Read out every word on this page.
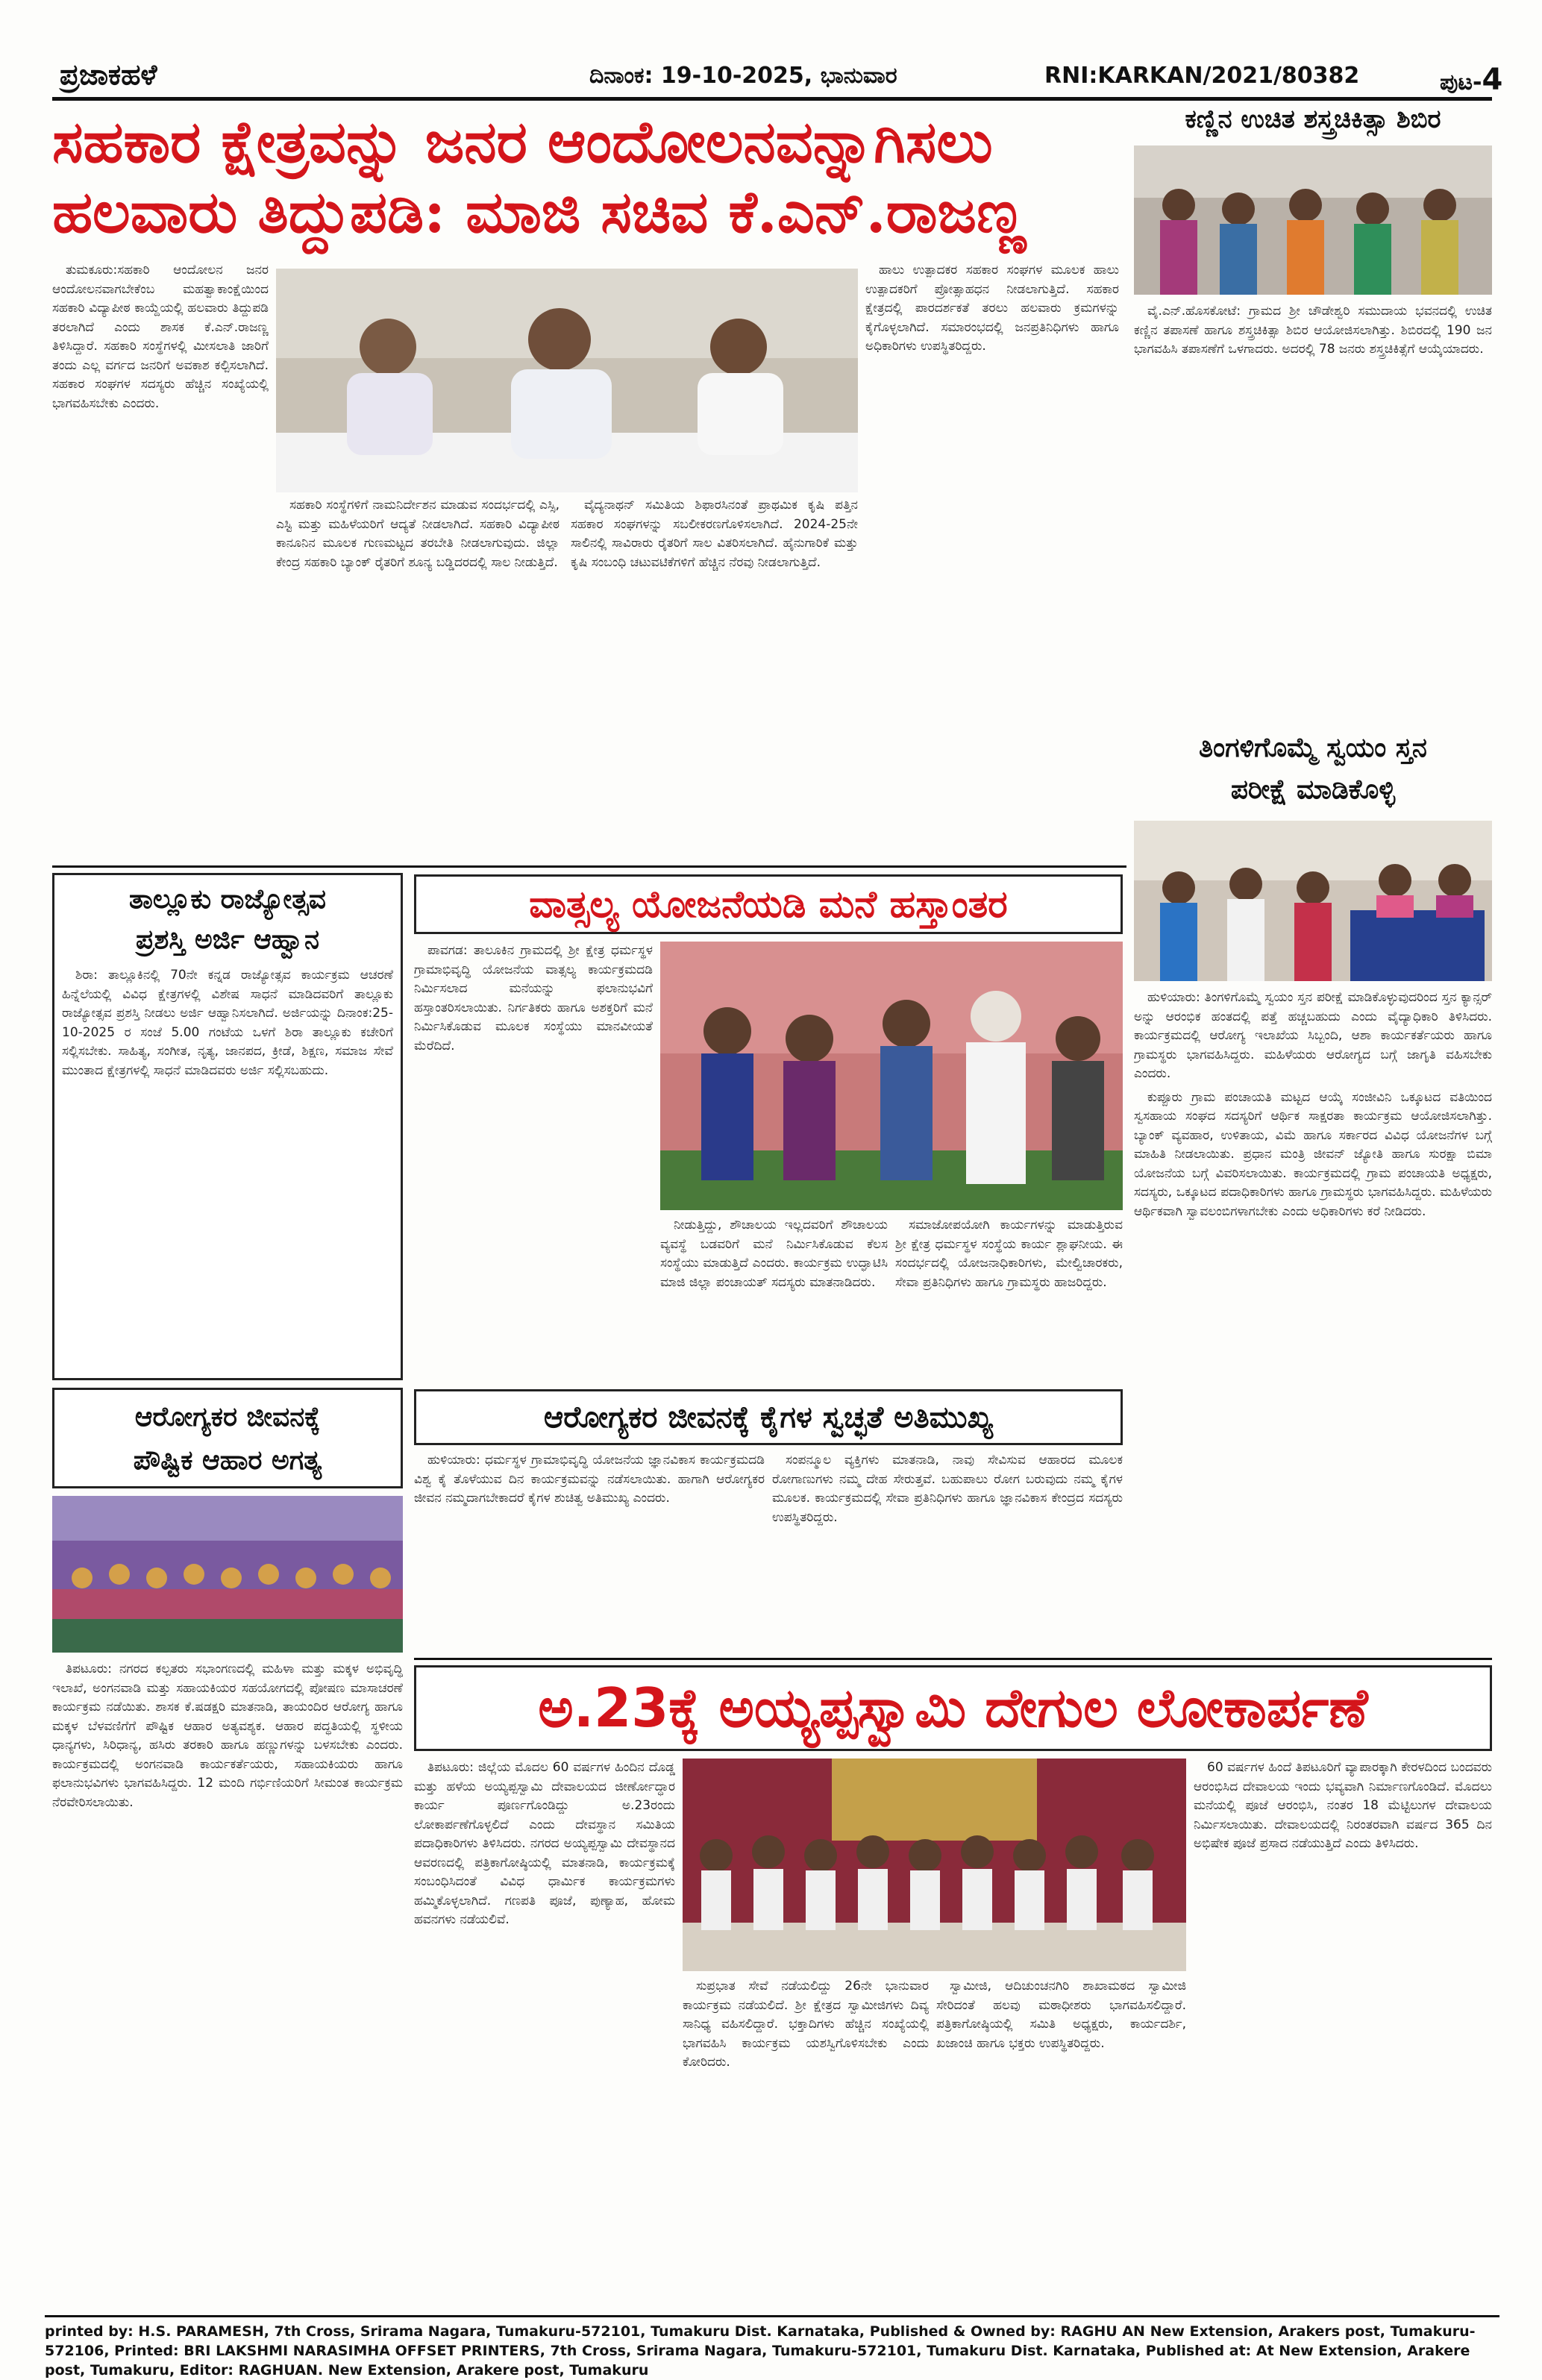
ಪ್ರಜಾಕಹಳೆ	ದಿನಾಂಕ: 19-10-2025, ಭಾನುವಾರ	RNI:KARKAN/2021/80382	ಪುಟ-4
ಸಹಕಾರ ಕ್ಷೇತ್ರವನ್ನು ಜನರ ಆಂದೋಲನವನ್ನಾಗಿಸಲು
ಹಲವಾರು ತಿದ್ದುಪಡಿ: ಮಾಜಿ ಸಚಿವ ಕೆ.ಎನ್.ರಾಜಣ್ಣ

ತುಮಕೂರು:ಸಹಕಾರಿ ಆಂದೋಲನ ಜನರ ಆಂದೋಲನವಾಗಬೇಕೆಂಬ ಮಹತ್ವಾಕಾಂಕ್ಷೆಯಿಂದ ಸಹಕಾರಿ ವಿದ್ಯಾಪೀಠ ಕಾಯ್ದೆಯಲ್ಲಿ ಹಲವಾರು ತಿದ್ದುಪಡಿ ತರಲಾಗಿದೆ ಎಂದು ಶಾಸಕ ಕೆ.ಎನ್.ರಾಜಣ್ಣ ತಿಳಿಸಿದ್ದಾರೆ. ಸಹಕಾರಿ ಸಂಸ್ಥೆಗಳಲ್ಲಿ ಮೀಸಲಾತಿ ಜಾರಿಗೆ ತಂದು ಎಲ್ಲ ವರ್ಗದ ಜನರಿಗೆ ಅವಕಾಶ ಕಲ್ಪಿಸಲಾಗಿದೆ. ಸಹಕಾರ ಸಂಘಗಳ ಸದಸ್ಯರು ಹೆಚ್ಚಿನ ಸಂಖ್ಯೆಯಲ್ಲಿ ಭಾಗವಹಿಸಬೇಕು ಎಂದರು.

ಸಹಕಾರಿ ಸಂಸ್ಥೆಗಳಿಗೆ ನಾಮನಿರ್ದೇಶನ ಮಾಡುವ ಸಂದರ್ಭದಲ್ಲಿ ಎಸ್ಸಿ, ಎಸ್ಟಿ ಮತ್ತು ಮಹಿಳೆಯರಿಗೆ ಆದ್ಯತೆ ನೀಡಲಾಗಿದೆ. ಸಹಕಾರಿ ವಿದ್ಯಾಪೀಠ ಕಾನೂನಿನ ಮೂಲಕ ಗುಣಮಟ್ಟದ ತರಬೇತಿ ನೀಡಲಾಗುವುದು. ಜಿಲ್ಲಾ ಕೇಂದ್ರ ಸಹಕಾರಿ ಬ್ಯಾಂಕ್ ರೈತರಿಗೆ ಶೂನ್ಯ ಬಡ್ಡಿದರದಲ್ಲಿ ಸಾಲ ನೀಡುತ್ತಿದೆ.

ವೈದ್ಯನಾಥನ್ ಸಮಿತಿಯ ಶಿಫಾರಸಿನಂತೆ ಪ್ರಾಥಮಿಕ ಕೃಷಿ ಪತ್ತಿನ ಸಹಕಾರ ಸಂಘಗಳನ್ನು ಸಬಲೀಕರಣಗೊಳಿಸಲಾಗಿದೆ. 2024-25ನೇ ಸಾಲಿನಲ್ಲಿ ಸಾವಿರಾರು ರೈತರಿಗೆ ಸಾಲ ವಿತರಿಸಲಾಗಿದೆ. ಹೈನುಗಾರಿಕೆ ಮತ್ತು ಕೃಷಿ ಸಂಬಂಧಿ ಚಟುವಟಿಕೆಗಳಿಗೆ ಹೆಚ್ಚಿನ ನೆರವು ನೀಡಲಾಗುತ್ತಿದೆ.

ಹಾಲು ಉತ್ಪಾದಕರ ಸಹಕಾರ ಸಂಘಗಳ ಮೂಲಕ ಹಾಲು ಉತ್ಪಾದಕರಿಗೆ ಪ್ರೋತ್ಸಾಹಧನ ನೀಡಲಾಗುತ್ತಿದೆ. ಸಹಕಾರ ಕ್ಷೇತ್ರದಲ್ಲಿ ಪಾರದರ್ಶಕತೆ ತರಲು ಹಲವಾರು ಕ್ರಮಗಳನ್ನು ಕೈಗೊಳ್ಳಲಾಗಿದೆ. ಸಮಾರಂಭದಲ್ಲಿ ಜನಪ್ರತಿನಿಧಿಗಳು ಹಾಗೂ ಅಧಿಕಾರಿಗಳು ಉಪಸ್ಥಿತರಿದ್ದರು.

ಕಣ್ಣಿನ ಉಚಿತ ಶಸ್ತ್ರಚಿಕಿತ್ಸಾ ಶಿಬಿರ

ವೈ.ಎನ್.ಹೊಸಕೋಟೆ: ಗ್ರಾಮದ ಶ್ರೀ ಚೌಡೇಶ್ವರಿ ಸಮುದಾಯ ಭವನದಲ್ಲಿ ಉಚಿತ ಕಣ್ಣಿನ ತಪಾಸಣೆ ಹಾಗೂ ಶಸ್ತ್ರಚಿಕಿತ್ಸಾ ಶಿಬಿರ ಆಯೋಜಿಸಲಾಗಿತ್ತು. ಶಿಬಿರದಲ್ಲಿ 190 ಜನ ಭಾಗವಹಿಸಿ ತಪಾಸಣೆಗೆ ಒಳಗಾದರು. ಅದರಲ್ಲಿ 78 ಜನರು ಶಸ್ತ್ರಚಿಕಿತ್ಸೆಗೆ ಆಯ್ಕೆಯಾದರು.

ತಿಂಗಳಿಗೊಮ್ಮೆ ಸ್ವಯಂ ಸ್ತನ
ಪರೀಕ್ಷೆ ಮಾಡಿಕೊಳ್ಳಿ

ಹುಳಿಯಾರು: ತಿಂಗಳಿಗೊಮ್ಮೆ ಸ್ವಯಂ ಸ್ತನ ಪರೀಕ್ಷೆ ಮಾಡಿಕೊಳ್ಳುವುದರಿಂದ ಸ್ತನ ಕ್ಯಾನ್ಸರ್ ಅನ್ನು ಆರಂಭಿಕ ಹಂತದಲ್ಲಿ ಪತ್ತೆ ಹಚ್ಚಬಹುದು ಎಂದು ವೈದ್ಯಾಧಿಕಾರಿ ತಿಳಿಸಿದರು. ಕಾರ್ಯಕ್ರಮದಲ್ಲಿ ಆರೋಗ್ಯ ಇಲಾಖೆಯ ಸಿಬ್ಬಂದಿ, ಆಶಾ ಕಾರ್ಯಕರ್ತೆಯರು ಹಾಗೂ ಗ್ರಾಮಸ್ಥರು ಭಾಗವಹಿಸಿದ್ದರು. ಮಹಿಳೆಯರು ಆರೋಗ್ಯದ ಬಗ್ಗೆ ಜಾಗೃತಿ ವಹಿಸಬೇಕು ಎಂದರು.

ಕುಪ್ಪೂರು ಗ್ರಾಮ ಪಂಚಾಯತಿ ಮಟ್ಟದ ಆಯ್ಕೆ ಸಂಜೀವಿನಿ ಒಕ್ಕೂಟದ ವತಿಯಿಂದ ಸ್ವಸಹಾಯ ಸಂಘದ ಸದಸ್ಯರಿಗೆ ಆರ್ಥಿಕ ಸಾಕ್ಷರತಾ ಕಾರ್ಯಕ್ರಮ ಆಯೋಜಿಸಲಾಗಿತ್ತು. ಬ್ಯಾಂಕ್ ವ್ಯವಹಾರ, ಉಳಿತಾಯ, ವಿಮೆ ಹಾಗೂ ಸರ್ಕಾರದ ವಿವಿಧ ಯೋಜನೆಗಳ ಬಗ್ಗೆ ಮಾಹಿತಿ ನೀಡಲಾಯಿತು. ಪ್ರಧಾನ ಮಂತ್ರಿ ಜೀವನ್ ಜ್ಯೋತಿ ಹಾಗೂ ಸುರಕ್ಷಾ ಬಿಮಾ ಯೋಜನೆಯ ಬಗ್ಗೆ ವಿವರಿಸಲಾಯಿತು. ಕಾರ್ಯಕ್ರಮದಲ್ಲಿ ಗ್ರಾಮ ಪಂಚಾಯತಿ ಅಧ್ಯಕ್ಷರು, ಸದಸ್ಯರು, ಒಕ್ಕೂಟದ ಪದಾಧಿಕಾರಿಗಳು ಹಾಗೂ ಗ್ರಾಮಸ್ಥರು ಭಾಗವಹಿಸಿದ್ದರು. ಮಹಿಳೆಯರು ಆರ್ಥಿಕವಾಗಿ ಸ್ವಾವಲಂಬಿಗಳಾಗಬೇಕು ಎಂದು ಅಧಿಕಾರಿಗಳು ಕರೆ ನೀಡಿದರು.

ತಾಲ್ಲೂಕು ರಾಜ್ಯೋತ್ಸವ
ಪ್ರಶಸ್ತಿ ಅರ್ಜಿ ಆಹ್ವಾನ

ಶಿರಾ: ತಾಲ್ಲೂಕಿನಲ್ಲಿ 70ನೇ ಕನ್ನಡ ರಾಜ್ಯೋತ್ಸವ ಕಾರ್ಯಕ್ರಮ ಆಚರಣೆ ಹಿನ್ನೆಲೆಯಲ್ಲಿ ವಿವಿಧ ಕ್ಷೇತ್ರಗಳಲ್ಲಿ ವಿಶೇಷ ಸಾಧನೆ ಮಾಡಿದವರಿಗೆ ತಾಲ್ಲೂಕು ರಾಜ್ಯೋತ್ಸವ ಪ್ರಶಸ್ತಿ ನೀಡಲು ಅರ್ಜಿ ಆಹ್ವಾನಿಸಲಾಗಿದೆ. ಅರ್ಜಿಯನ್ನು ದಿನಾಂಕ:25-10-2025 ರ ಸಂಜೆ 5.00 ಗಂಟೆಯ ಒಳಗೆ ಶಿರಾ ತಾಲ್ಲೂಕು ಕಚೇರಿಗೆ ಸಲ್ಲಿಸಬೇಕು. ಸಾಹಿತ್ಯ, ಸಂಗೀತ, ನೃತ್ಯ, ಜಾನಪದ, ಕ್ರೀಡೆ, ಶಿಕ್ಷಣ, ಸಮಾಜ ಸೇವೆ ಮುಂತಾದ ಕ್ಷೇತ್ರಗಳಲ್ಲಿ ಸಾಧನೆ ಮಾಡಿದವರು ಅರ್ಜಿ ಸಲ್ಲಿಸಬಹುದು.

ವಾತ್ಸಲ್ಯ ಯೋಜನೆಯಡಿ ಮನೆ ಹಸ್ತಾಂತರ

ಪಾವಗಡ: ತಾಲೂಕಿನ ಗ್ರಾಮದಲ್ಲಿ ಶ್ರೀ ಕ್ಷೇತ್ರ ಧರ್ಮಸ್ಥಳ ಗ್ರಾಮಾಭಿವೃದ್ಧಿ ಯೋಜನೆಯ ವಾತ್ಸಲ್ಯ ಕಾರ್ಯಕ್ರಮದಡಿ ನಿರ್ಮಿಸಲಾದ ಮನೆಯನ್ನು ಫಲಾನುಭವಿಗೆ ಹಸ್ತಾಂತರಿಸಲಾಯಿತು. ನಿರ್ಗತಿಕರು ಹಾಗೂ ಅಶಕ್ತರಿಗೆ ಮನೆ ನಿರ್ಮಿಸಿಕೊಡುವ ಮೂಲಕ ಸಂಸ್ಥೆಯು ಮಾನವೀಯತೆ ಮೆರೆದಿದೆ.

ನೀಡುತ್ತಿದ್ದು, ಶೌಚಾಲಯ ಇಲ್ಲದವರಿಗೆ ಶೌಚಾಲಯ ವ್ಯವಸ್ಥೆ ಬಡವರಿಗೆ ಮನೆ ನಿರ್ಮಿಸಿಕೊಡುವ ಕೆಲಸ ಸಂಸ್ಥೆಯು ಮಾಡುತ್ತಿದೆ ಎಂದರು. ಕಾರ್ಯಕ್ರಮ ಉದ್ಘಾಟಿಸಿ ಮಾಜಿ ಜಿಲ್ಲಾ ಪಂಚಾಯತ್ ಸದಸ್ಯರು ಮಾತನಾಡಿದರು.

ಸಮಾಜೋಪಯೋಗಿ ಕಾರ್ಯಗಳನ್ನು ಮಾಡುತ್ತಿರುವ ಶ್ರೀ ಕ್ಷೇತ್ರ ಧರ್ಮಸ್ಥಳ ಸಂಸ್ಥೆಯ ಕಾರ್ಯ ಶ್ಲಾಘನೀಯ. ಈ ಸಂದರ್ಭದಲ್ಲಿ ಯೋಜನಾಧಿಕಾರಿಗಳು, ಮೇಲ್ವಿಚಾರಕರು, ಸೇವಾ ಪ್ರತಿನಿಧಿಗಳು ಹಾಗೂ ಗ್ರಾಮಸ್ಥರು ಹಾಜರಿದ್ದರು.

ಆರೋಗ್ಯಕರ ಜೀವನಕ್ಕೆ
ಪೌಷ್ಟಿಕ ಆಹಾರ ಅಗತ್ಯ

ತಿಪಟೂರು: ನಗರದ ಕಲ್ಪತರು ಸಭಾಂಗಣದಲ್ಲಿ ಮಹಿಳಾ ಮತ್ತು ಮಕ್ಕಳ ಅಭಿವೃದ್ಧಿ ಇಲಾಖೆ, ಅಂಗನವಾಡಿ ಮತ್ತು ಸಹಾಯಕಿಯರ ಸಹಯೋಗದಲ್ಲಿ ಪೋಷಣ ಮಾಸಾಚರಣೆ ಕಾರ್ಯಕ್ರಮ ನಡೆಯಿತು. ಶಾಸಕ ಕೆ.ಷಡಕ್ಷರಿ ಮಾತನಾಡಿ, ತಾಯಂದಿರ ಆರೋಗ್ಯ ಹಾಗೂ ಮಕ್ಕಳ ಬೆಳವಣಿಗೆಗೆ ಪೌಷ್ಟಿಕ ಆಹಾರ ಅತ್ಯವಶ್ಯಕ. ಆಹಾರ ಪದ್ಧತಿಯಲ್ಲಿ ಸ್ಥಳೀಯ ಧಾನ್ಯಗಳು, ಸಿರಿಧಾನ್ಯ, ಹಸಿರು ತರಕಾರಿ ಹಾಗೂ ಹಣ್ಣುಗಳನ್ನು ಬಳಸಬೇಕು ಎಂದರು. ಕಾರ್ಯಕ್ರಮದಲ್ಲಿ ಅಂಗನವಾಡಿ ಕಾರ್ಯಕರ್ತೆಯರು, ಸಹಾಯಕಿಯರು ಹಾಗೂ ಫಲಾನುಭವಿಗಳು ಭಾಗವಹಿಸಿದ್ದರು. 12 ಮಂದಿ ಗರ್ಭಿಣಿಯರಿಗೆ ಸೀಮಂತ ಕಾರ್ಯಕ್ರಮ ನೆರವೇರಿಸಲಾಯಿತು.

ಆರೋಗ್ಯಕರ ಜೀವನಕ್ಕೆ ಕೈಗಳ ಸ್ವಚ್ಛತೆ ಅತಿಮುಖ್ಯ

ಹುಳಿಯಾರು: ಧರ್ಮಸ್ಥಳ ಗ್ರಾಮಾಭಿವೃದ್ಧಿ ಯೋಜನೆಯ ಜ್ಞಾನವಿಕಾಸ ಕಾರ್ಯಕ್ರಮದಡಿ ವಿಶ್ವ ಕೈ ತೊಳೆಯುವ ದಿನ ಕಾರ್ಯಕ್ರಮವನ್ನು ನಡೆಸಲಾಯಿತು. ಹಾಗಾಗಿ ಆರೋಗ್ಯಕರ ಜೀವನ ನಮ್ಮದಾಗಬೇಕಾದರೆ ಕೈಗಳ ಶುಚಿತ್ವ ಅತಿಮುಖ್ಯ ಎಂದರು.

ಸಂಪನ್ಮೂಲ ವ್ಯಕ್ತಿಗಳು ಮಾತನಾಡಿ, ನಾವು ಸೇವಿಸುವ ಆಹಾರದ ಮೂಲಕ ರೋಗಾಣುಗಳು ನಮ್ಮ ದೇಹ ಸೇರುತ್ತವೆ. ಬಹುಪಾಲು ರೋಗ ಬರುವುದು ನಮ್ಮ ಕೈಗಳ ಮೂಲಕ. ಕಾರ್ಯಕ್ರಮದಲ್ಲಿ ಸೇವಾ ಪ್ರತಿನಿಧಿಗಳು ಹಾಗೂ ಜ್ಞಾನವಿಕಾಸ ಕೇಂದ್ರದ ಸದಸ್ಯರು ಉಪಸ್ಥಿತರಿದ್ದರು.

ಅ.23ಕ್ಕೆ ಅಯ್ಯಪ್ಪಸ್ವಾಮಿ ದೇಗುಲ ಲೋಕಾರ್ಪಣೆ

ತಿಪಟೂರು: ಜಿಲ್ಲೆಯ ಮೊದಲ 60 ವರ್ಷಗಳ ಹಿಂದಿನ ದೊಡ್ಡ ಮತ್ತು ಹಳೆಯ ಅಯ್ಯಪ್ಪಸ್ವಾಮಿ ದೇವಾಲಯದ ಜೀರ್ಣೋದ್ಧಾರ ಕಾರ್ಯ ಪೂರ್ಣಗೊಂಡಿದ್ದು ಅ.23ರಂದು ಲೋಕಾರ್ಪಣೆಗೊಳ್ಳಲಿದೆ ಎಂದು ದೇವಸ್ಥಾನ ಸಮಿತಿಯ ಪದಾಧಿಕಾರಿಗಳು ತಿಳಿಸಿದರು. ನಗರದ ಅಯ್ಯಪ್ಪಸ್ವಾಮಿ ದೇವಸ್ಥಾನದ ಆವರಣದಲ್ಲಿ ಪತ್ರಿಕಾಗೋಷ್ಠಿಯಲ್ಲಿ ಮಾತನಾಡಿ, ಕಾರ್ಯಕ್ರಮಕ್ಕೆ ಸಂಬಂಧಿಸಿದಂತೆ ವಿವಿಧ ಧಾರ್ಮಿಕ ಕಾರ್ಯಕ್ರಮಗಳು ಹಮ್ಮಿಕೊಳ್ಳಲಾಗಿದೆ. ಗಣಪತಿ ಪೂಜೆ, ಪುಣ್ಯಾಹ, ಹೋಮ ಹವನಗಳು ನಡೆಯಲಿವೆ.

ಸುಪ್ರಭಾತ ಸೇವೆ ನಡೆಯಲಿದ್ದು 26ನೇ ಭಾನುವಾರ ಕಾರ್ಯಕ್ರಮ ನಡೆಯಲಿದೆ. ಶ್ರೀ ಕ್ಷೇತ್ರದ ಸ್ವಾಮೀಜಿಗಳು ದಿವ್ಯ ಸಾನಿಧ್ಯ ವಹಿಸಲಿದ್ದಾರೆ. ಭಕ್ತಾದಿಗಳು ಹೆಚ್ಚಿನ ಸಂಖ್ಯೆಯಲ್ಲಿ ಭಾಗವಹಿಸಿ ಕಾರ್ಯಕ್ರಮ ಯಶಸ್ವಿಗೊಳಿಸಬೇಕು ಎಂದು ಕೋರಿದರು.

ಸ್ವಾಮೀಜಿ, ಆದಿಚುಂಚನಗಿರಿ ಶಾಖಾಮಠದ ಸ್ವಾಮೀಜಿ ಸೇರಿದಂತೆ ಹಲವು ಮಠಾಧೀಶರು ಭಾಗವಹಿಸಲಿದ್ದಾರೆ. ಪತ್ರಿಕಾಗೋಷ್ಠಿಯಲ್ಲಿ ಸಮಿತಿ ಅಧ್ಯಕ್ಷರು, ಕಾರ್ಯದರ್ಶಿ, ಖಜಾಂಚಿ ಹಾಗೂ ಭಕ್ತರು ಉಪಸ್ಥಿತರಿದ್ದರು.

60 ವರ್ಷಗಳ ಹಿಂದೆ ತಿಪಟೂರಿಗೆ ವ್ಯಾಪಾರಕ್ಕಾಗಿ ಕೇರಳದಿಂದ ಬಂದವರು ಆರಂಭಿಸಿದ ದೇವಾಲಯ ಇಂದು ಭವ್ಯವಾಗಿ ನಿರ್ಮಾಣಗೊಂಡಿದೆ. ಮೊದಲು ಮನೆಯಲ್ಲಿ ಪೂಜೆ ಆರಂಭಿಸಿ, ನಂತರ 18 ಮೆಟ್ಟಿಲುಗಳ ದೇವಾಲಯ ನಿರ್ಮಿಸಲಾಯಿತು. ದೇವಾಲಯದಲ್ಲಿ ನಿರಂತರವಾಗಿ ವರ್ಷದ 365 ದಿನ ಅಭಿಷೇಕ ಪೂಜೆ ಪ್ರಸಾದ ನಡೆಯುತ್ತಿದೆ ಎಂದು ತಿಳಿಸಿದರು.

printed by: H.S. PARAMESH, 7th Cross, Srirama Nagara, Tumakuru-572101, Tumakuru Dist. Karnataka, Published & Owned by: RAGHU AN New Extension, Arakers post, Tumakuru-572106, Printed: BRI LAKSHMI NARASIMHA OFFSET PRINTERS, 7th Cross, Srirama Nagara, Tumakuru-572101, Tumakuru Dist. Karnataka, Published at: At New Extension, Arakere post, Tumakuru, Editor: RAGHUAN. New Extension, Arakere post, Tumakuru
